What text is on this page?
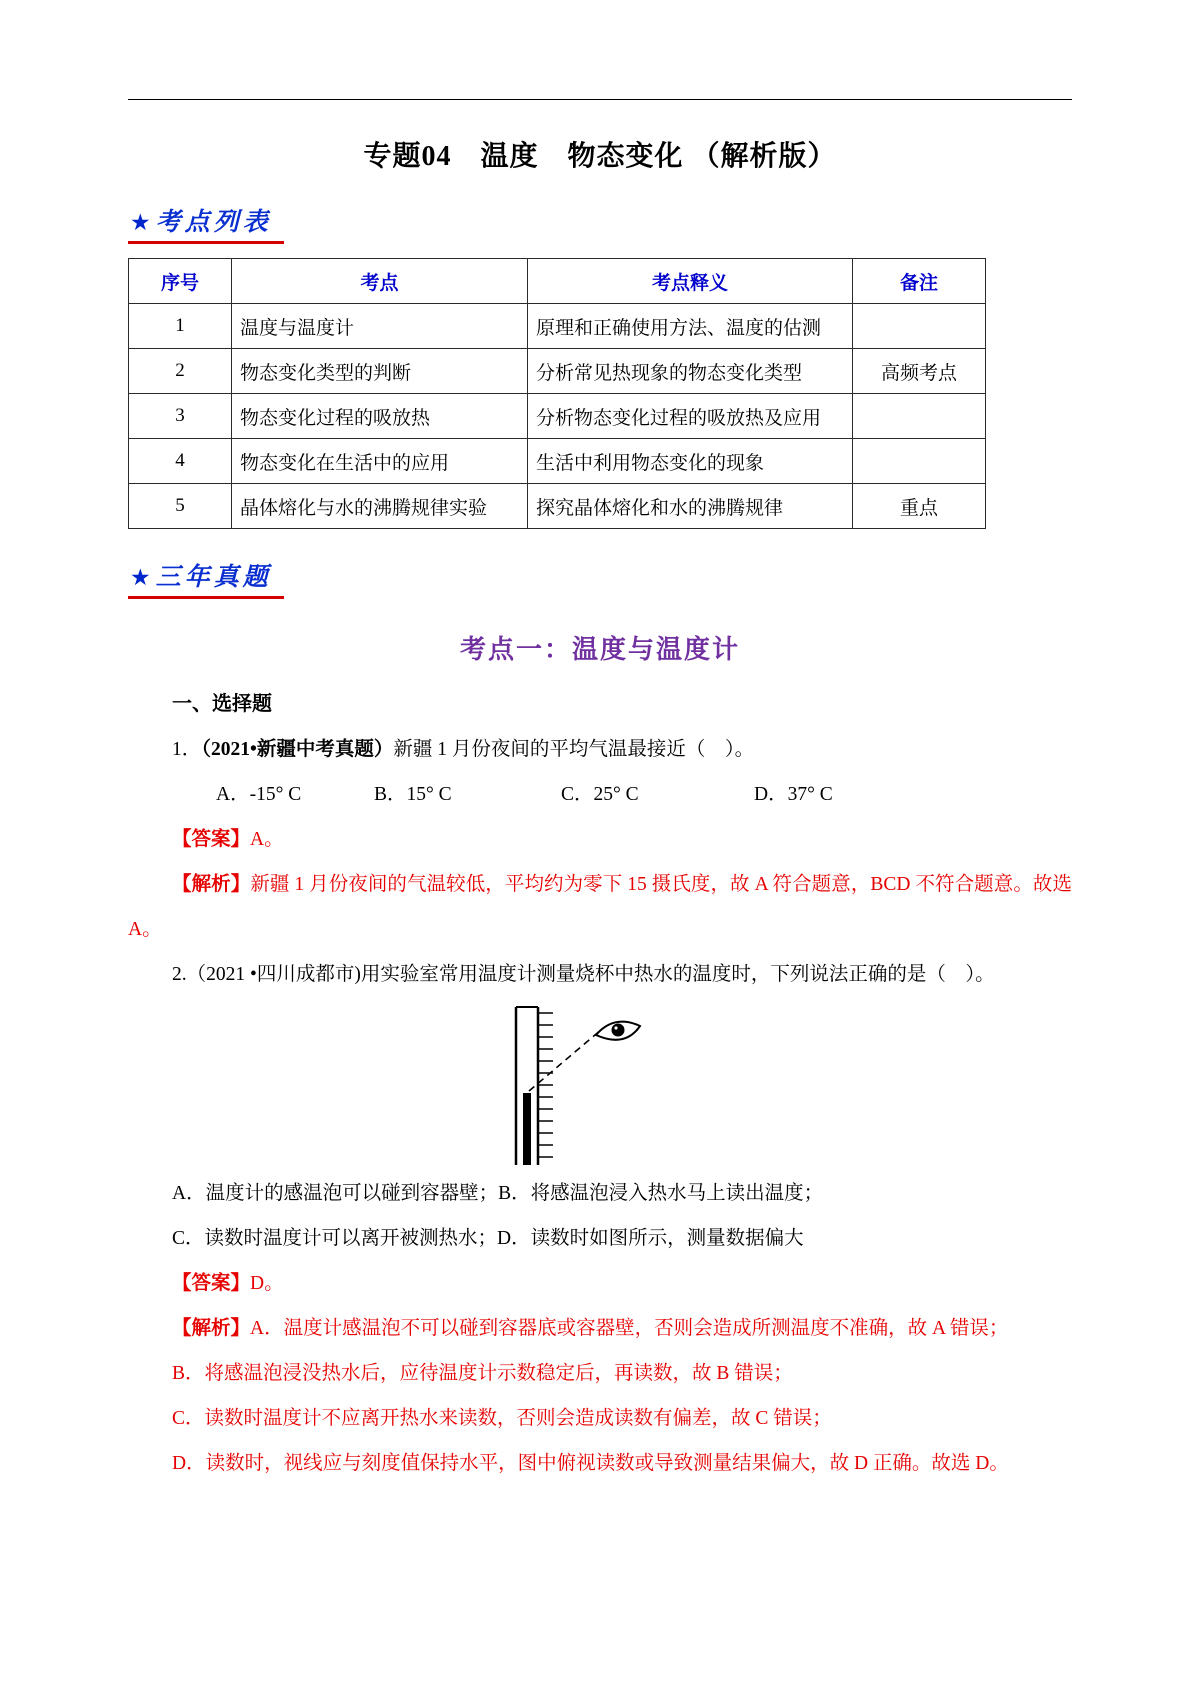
专题04　温度　物态变化 （解析版）
★ 考点列表
序号	考点	考点释义	备注
1	温度与温度计	原理和正确使用方法、温度的估测	
2	物态变化类型的判断	分析常见热现象的物态变化类型	高频考点
3	物态变化过程的吸放热	分析物态变化过程的吸放热及应用	
4	物态变化在生活中的应用	生活中利用物态变化的现象	
5	晶体熔化与水的沸腾规律实验	探究晶体熔化和水的沸腾规律	重点
★ 三年真题
考点一：温度与温度计

一、选择题

1．（2021•新疆中考真题）新疆 1 月份夜间的平均气温最接近（　）。

A．-15° C	B．15° C	C．25° C	D．37° C

【答案】A。

【解析】新疆 1 月份夜间的气温较低，平均约为零下 15 摄氏度，故 A 符合题意，BCD 不符合题意。故选 A。

2.（2021 •四川成都市)用实验室常用温度计测量烧杯中热水的温度时，下列说法正确的是（　）。

A．温度计的感温泡可以碰到容器壁；B．将感温泡浸入热水马上读出温度；

C．读数时温度计可以离开被测热水；D．读数时如图所示，测量数据偏大

【答案】D。

【解析】A．温度计感温泡不可以碰到容器底或容器壁，否则会造成所测温度不准确，故 A 错误；

B．将感温泡浸没热水后，应待温度计示数稳定后，再读数，故 B 错误；

C．读数时温度计不应离开热水来读数，否则会造成读数有偏差，故 C 错误；

D．读数时，视线应与刻度值保持水平，图中俯视读数或导致测量结果偏大，故 D 正确。故选 D。
